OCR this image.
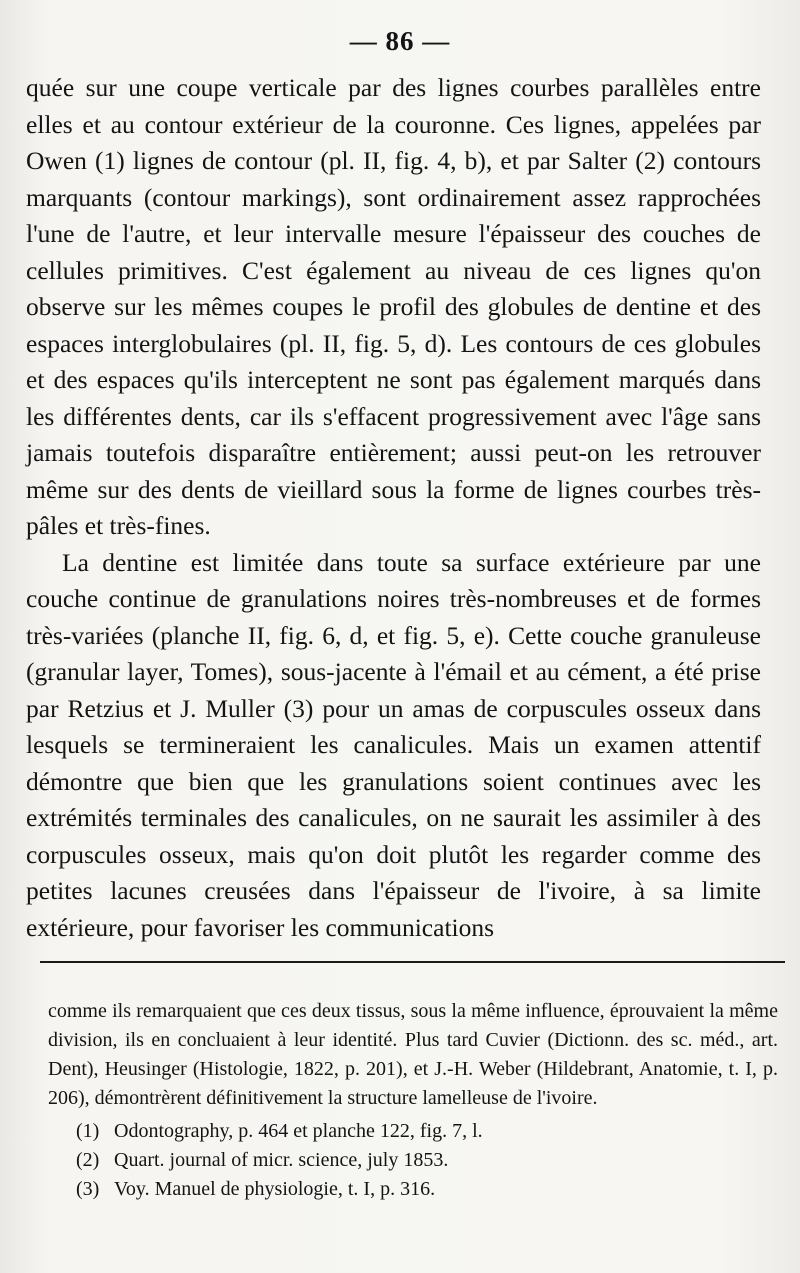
— 86 —

quée sur une coupe verticale par des lignes courbes parallèles entre elles et au contour extérieur de la couronne. Ces lignes, appelées par Owen (1) lignes de contour (pl. II, fig. 4, b), et par Salter (2) contours marquants (contour markings), sont ordinairement assez rapprochées l'une de l'autre, et leur intervalle mesure l'épaisseur des couches de cellules primitives. C'est également au niveau de ces lignes qu'on observe sur les mêmes coupes le profil des globules de dentine et des espaces interglobulaires (pl. II, fig. 5, d). Les contours de ces globules et des espaces qu'ils interceptent ne sont pas également marqués dans les différentes dents, car ils s'effacent progressivement avec l'âge sans jamais toutefois disparaître entièrement; aussi peut-on les retrouver même sur des dents de vieillard sous la forme de lignes courbes très-pâles et très-fines.

La dentine est limitée dans toute sa surface extérieure par une couche continue de granulations noires très-nombreuses et de formes très-variées (planche II, fig. 6, d, et fig. 5, e). Cette couche granuleuse (granular layer, Tomes), sous-jacente à l'émail et au cément, a été prise par Retzius et J. Muller (3) pour un amas de corpuscules osseux dans lesquels se termineraient les canalicules. Mais un examen attentif démontre que bien que les granulations soient continues avec les extrémités terminales des canalicules, on ne saurait les assimiler à des corpuscules osseux, mais qu'on doit plutôt les regarder comme des petites lacunes creusées dans l'épaisseur de l'ivoire, à sa limite extérieure, pour favoriser les communications

comme ils remarquaient que ces deux tissus, sous la même influence, éprouvaient la même division, ils en concluaient à leur identité. Plus tard Cuvier (Dictionn. des sc. méd., art. Dent), Heusinger (Histologie, 1822, p. 201), et J.-H. Weber (Hildebrant, Anatomie, t. I, p. 206), démontrèrent définitivement la structure lamelleuse de l'ivoire.

(1) Odontography, p. 464 et planche 122, fig. 7, l.
(2) Quart. journal of micr. science, july 1853.
(3) Voy. Manuel de physiologie, t. I, p. 316.
